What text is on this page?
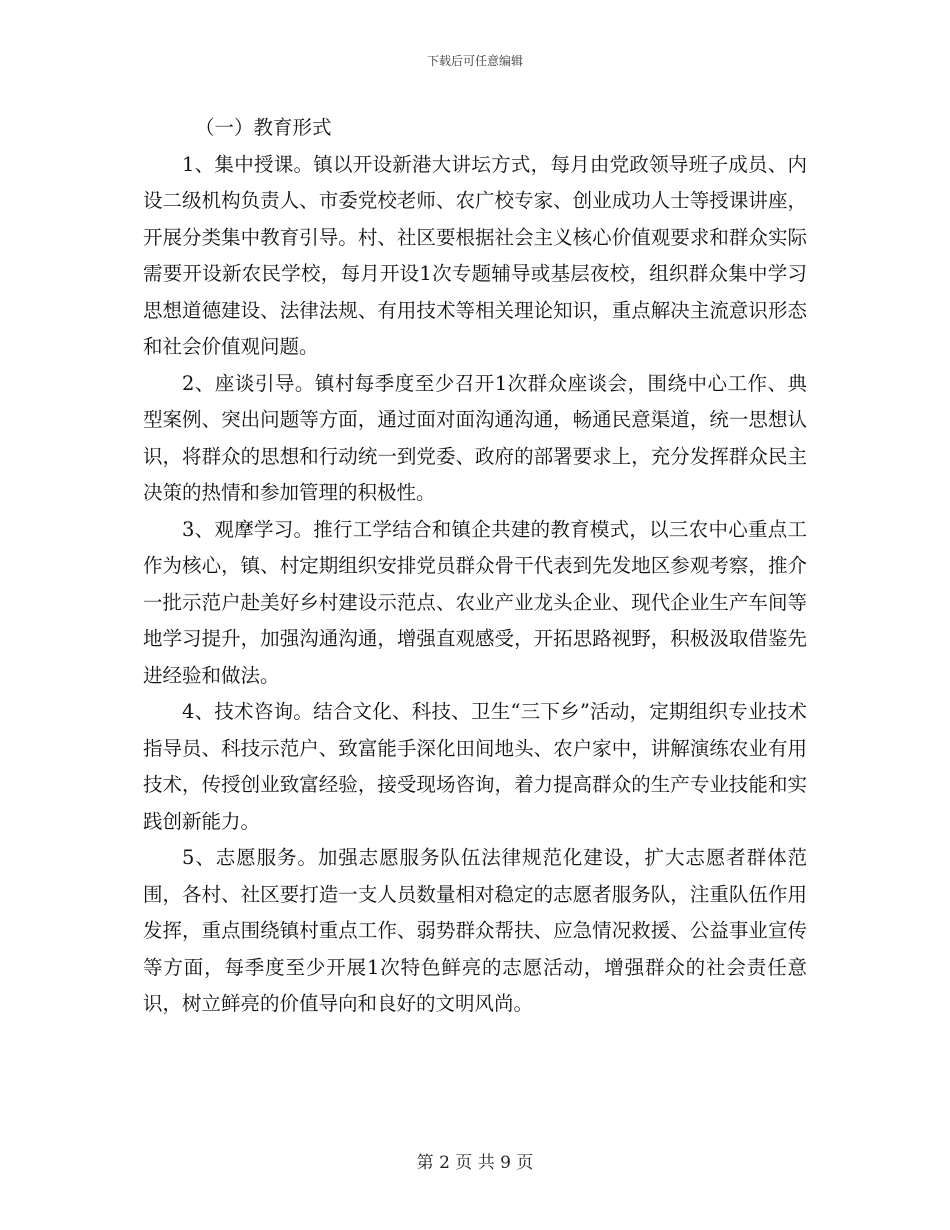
下载后可任意编辑

（一）教育形式

1、集中授课。镇以开设新港大讲坛方式，每月由党政领导班子成员、内设二级机构负责人、市委党校老师、农广校专家、创业成功人士等授课讲座，开展分类集中教育引导。村、社区要根据社会主义核心价值观要求和群众实际需要开设新农民学校，每月开设1次专题辅导或基层夜校，组织群众集中学习思想道德建设、法律法规、有用技术等相关理论知识，重点解决主流意识形态和社会价值观问题。

2、座谈引导。镇村每季度至少召开1次群众座谈会，围绕中心工作、典型案例、突出问题等方面，通过面对面沟通沟通，畅通民意渠道，统一思想认识，将群众的思想和行动统一到党委、政府的部署要求上，充分发挥群众民主决策的热情和参加管理的积极性。

3、观摩学习。推行工学结合和镇企共建的教育模式，以三农中心重点工作为核心，镇、村定期组织安排党员群众骨干代表到先发地区参观考察，推介一批示范户赴美好乡村建设示范点、农业产业龙头企业、现代企业生产车间等地学习提升，加强沟通沟通，增强直观感受，开拓思路视野，积极汲取借鉴先进经验和做法。

4、技术咨询。结合文化、科技、卫生“三下乡”活动，定期组织专业技术指导员、科技示范户、致富能手深化田间地头、农户家中，讲解演练农业有用技术，传授创业致富经验，接受现场咨询，着力提高群众的生产专业技能和实践创新能力。

5、志愿服务。加强志愿服务队伍法律规范化建设，扩大志愿者群体范围，各村、社区要打造一支人员数量相对稳定的志愿者服务队，注重队伍作用发挥，重点围绕镇村重点工作、弱势群众帮扶、应急情况救援、公益事业宣传等方面，每季度至少开展1次特色鲜亮的志愿活动，增强群众的社会责任意识，树立鲜亮的价值导向和良好的文明风尚。

第 2 页 共 9 页
